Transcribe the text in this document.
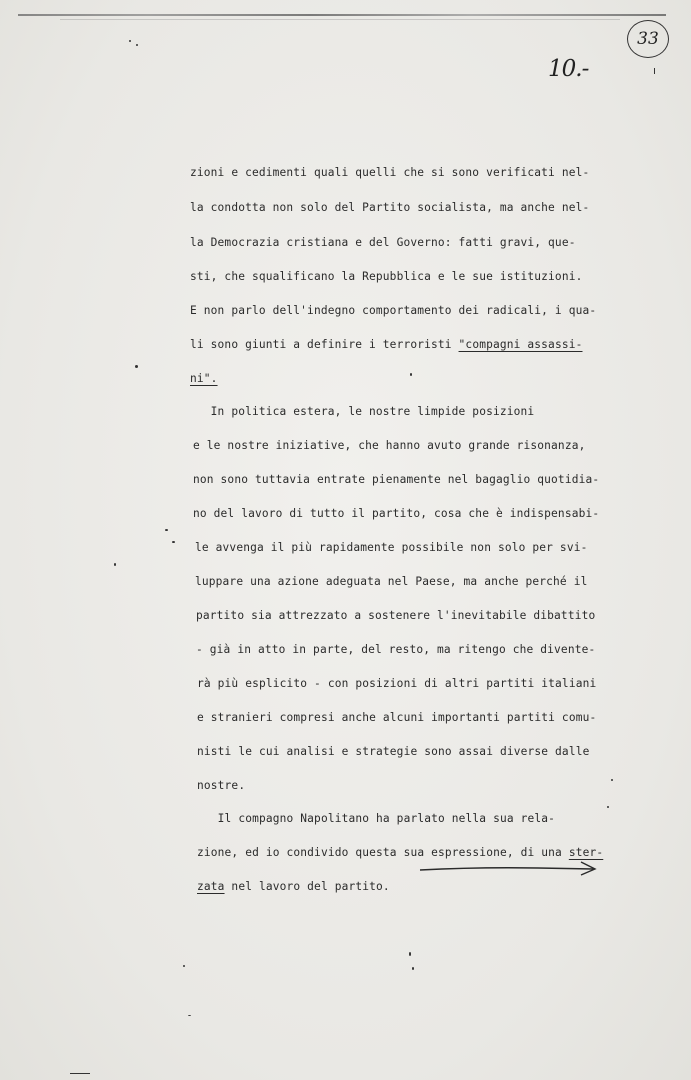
33
10.-
zioni e cedimenti quali quelli che si sono verificati nel-
la condotta non solo del Partito socialista, ma anche nel-
la Democrazia cristiana e del Governo: fatti gravi, que-
sti, che squalificano la Repubblica e le sue istituzioni.
E non parlo dell'indegno comportamento dei radicali, i qua-
li sono giunti a definire i terroristi "compagni assassi-
ni".
In politica estera, le nostre limpide posizioni
e le nostre iniziative, che hanno avuto grande risonanza,
non sono tuttavia entrate pienamente nel bagaglio quotidia-
no del lavoro di tutto il partito, cosa che è indispensabi-
le avvenga il più rapidamente possibile non solo per svi-
luppare una azione adeguata nel Paese, ma anche perché il
partito sia attrezzato a sostenere l'inevitabile dibattito
- già in atto in parte, del resto, ma ritengo che divente-
rà più esplicito - con posizioni di altri partiti italiani
e stranieri compresi anche alcuni importanti partiti comu-
nisti le cui analisi e strategie sono assai diverse dalle
nostre.
Il compagno Napolitano ha parlato nella sua rela-
zione, ed io condivido questa sua espressione, di una ster-
zata nel lavoro del partito.
